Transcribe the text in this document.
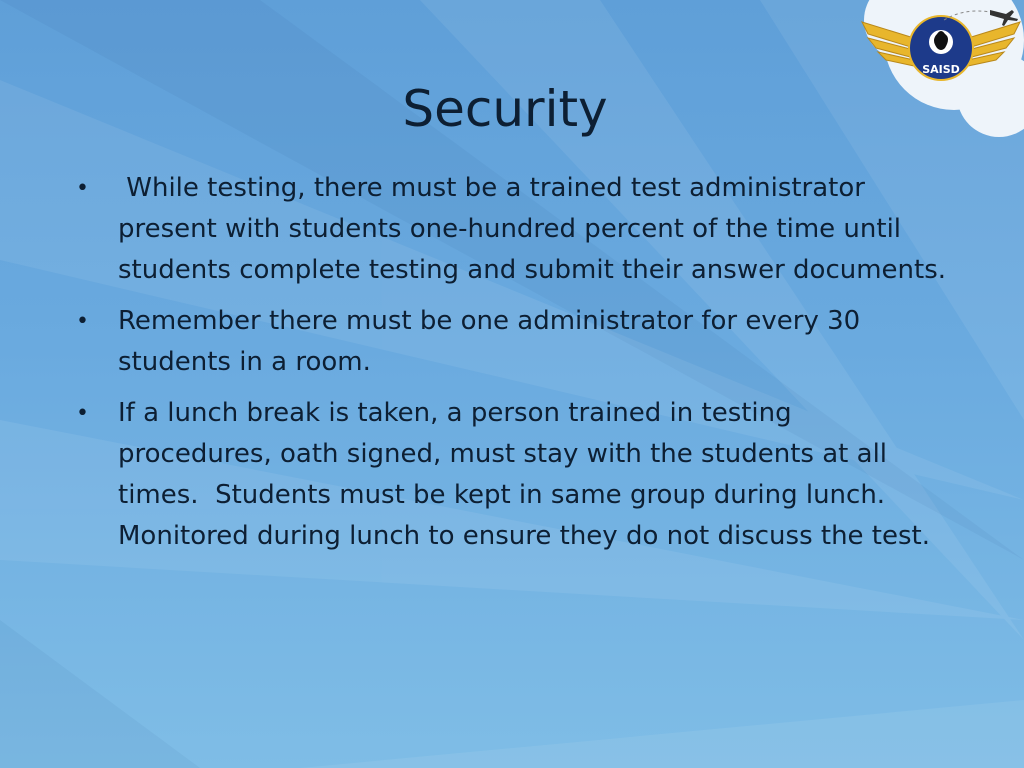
Security
• While testing, there must be a trained test administrator present with students one-hundred percent of the time until students complete testing and submit their answer documents.
• Remember there must be one administrator for every 30 students in a room.
• If a lunch break is taken, a person trained in testing procedures, oath signed, must stay with the students at all times.  Students must be kept in same group during lunch. Monitored during lunch to ensure they do not discuss the test.
SAISD
